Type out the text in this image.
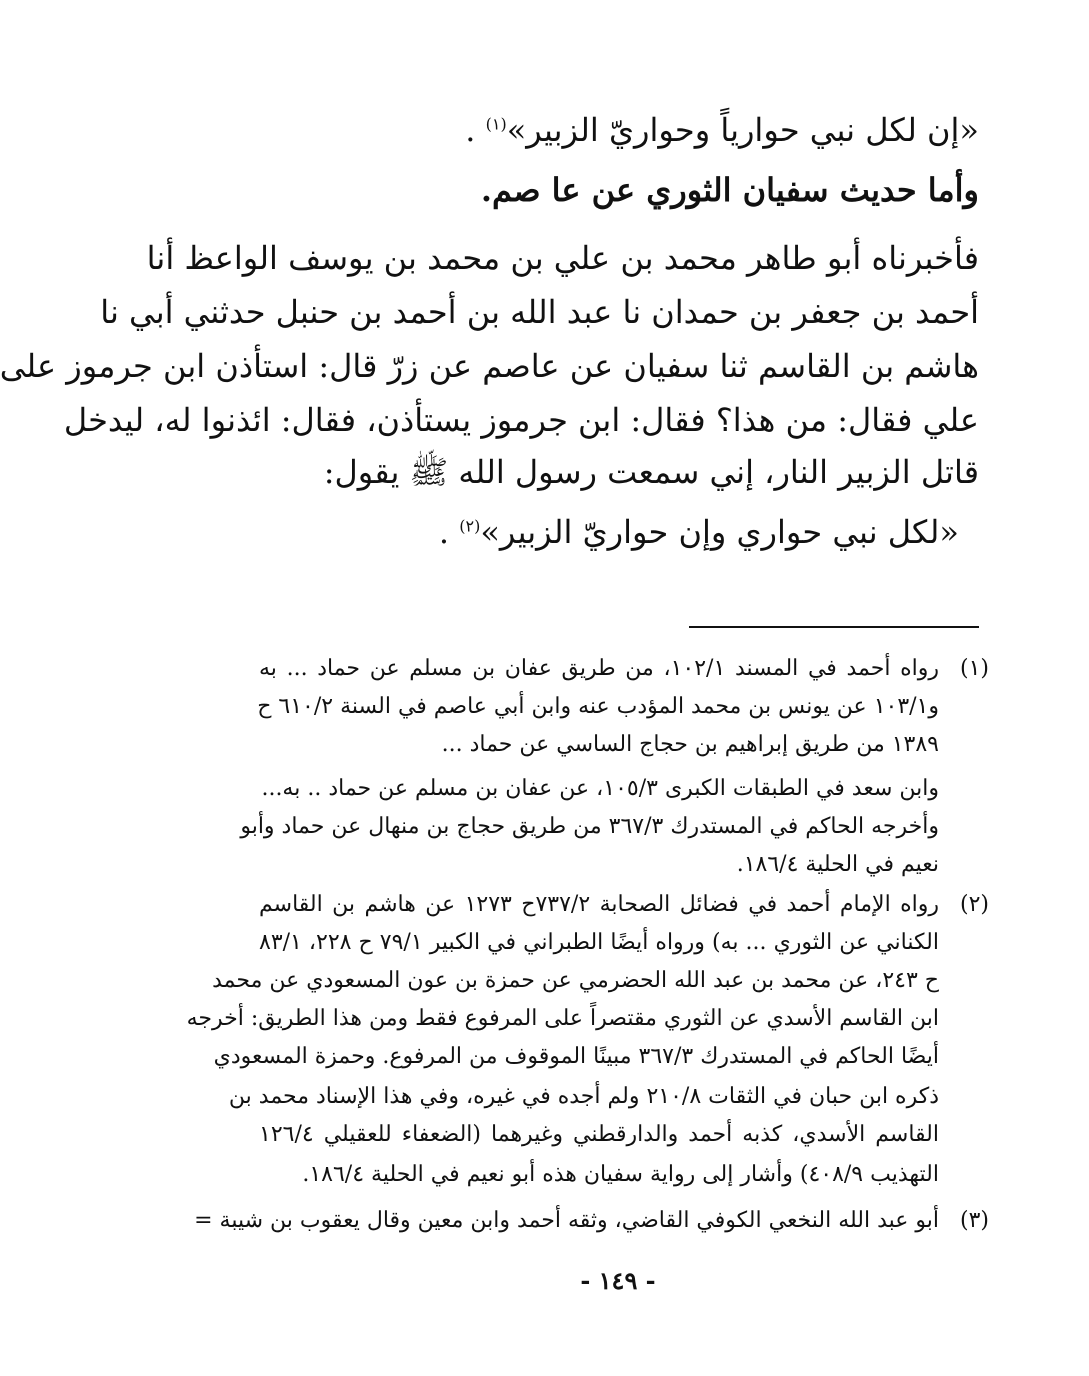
«إن لكل نبي حوارياً وحواريّ الزبير»$^{(١)}$ .
وأما حديث سفيان الثوري عن عا صم.
فأخبرناه أبو طاهر محمد بن علي بن محمد بن يوسف الواعظ أنا
أحمد بن جعفر بن حمدان نا عبد الله بن أحمد بن حنبل حدثني أبي نا
هاشم بن القاسم ثنا سفيان عن عاصم عن زرّ قال: استأذن ابن جرموز على
علي فقال: من هذا؟ فقال: ابن جرموز يستأذن، فقال: ائذنوا له، ليدخل
قاتل الزبير النار، إني سمعت رسول الله ﷺ يقول:
«لكل نبي حواري وإن حواريّ الزبير»$^{(٢)}$ .
(١)
رواه أحمد في المسند ١٠٢/١، من طريق عفان بن مسلم عن حماد ... به
و١٠٣/١ عن يونس بن محمد المؤدب عنه وابن أبي عاصم في السنة ٦١٠/٢ ح
١٣٨٩ من طريق إبراهيم بن حجاج الساسي عن حماد ...
وابن سعد في الطبقات الكبرى ١٠٥/٣، عن عفان بن مسلم عن حماد .. به...
وأخرجه الحاكم في المستدرك ٣٦٧/٣ من طريق حجاج بن منهال عن حماد وأبو
نعيم في الحلية ١٨٦/٤.
(٢)
رواه الإمام أحمد في فضائل الصحابة ٧٣٧/٢ح ١٢٧٣ عن هاشم بن القاسم
الكناني عن الثوري ... به) ورواه أيضًا الطبراني في الكبير ٧٩/١ ح ٢٢٨، ٨٣/١
ح ٢٤٣، عن محمد بن عبد الله الحضرمي عن حمزة بن عون المسعودي عن محمد
ابن القاسم الأسدي عن الثوري مقتصراً على المرفوع فقط ومن هذا الطريق: أخرجه
أيضًا الحاكم في المستدرك ٣٦٧/٣ مبينًا الموقوف من المرفوع. وحمزة المسعودي
ذكره ابن حبان في الثقات ٢١٠/٨ ولم أجده في غيره، وفي هذا الإسناد محمد بن
القاسم الأسدي، كذبه أحمد والدارقطني وغيرهما (الضعفاء للعقيلي ١٢٦/٤
التهذيب ٤٠٨/٩) وأشار إلى رواية سفيان هذه أبو نعيم في الحلية ١٨٦/٤.
(٣)
أبو عبد الله النخعي الكوفي القاضي، وثقه أحمد وابن معين وقال يعقوب بن شيبة =
- ١٤٩ -
